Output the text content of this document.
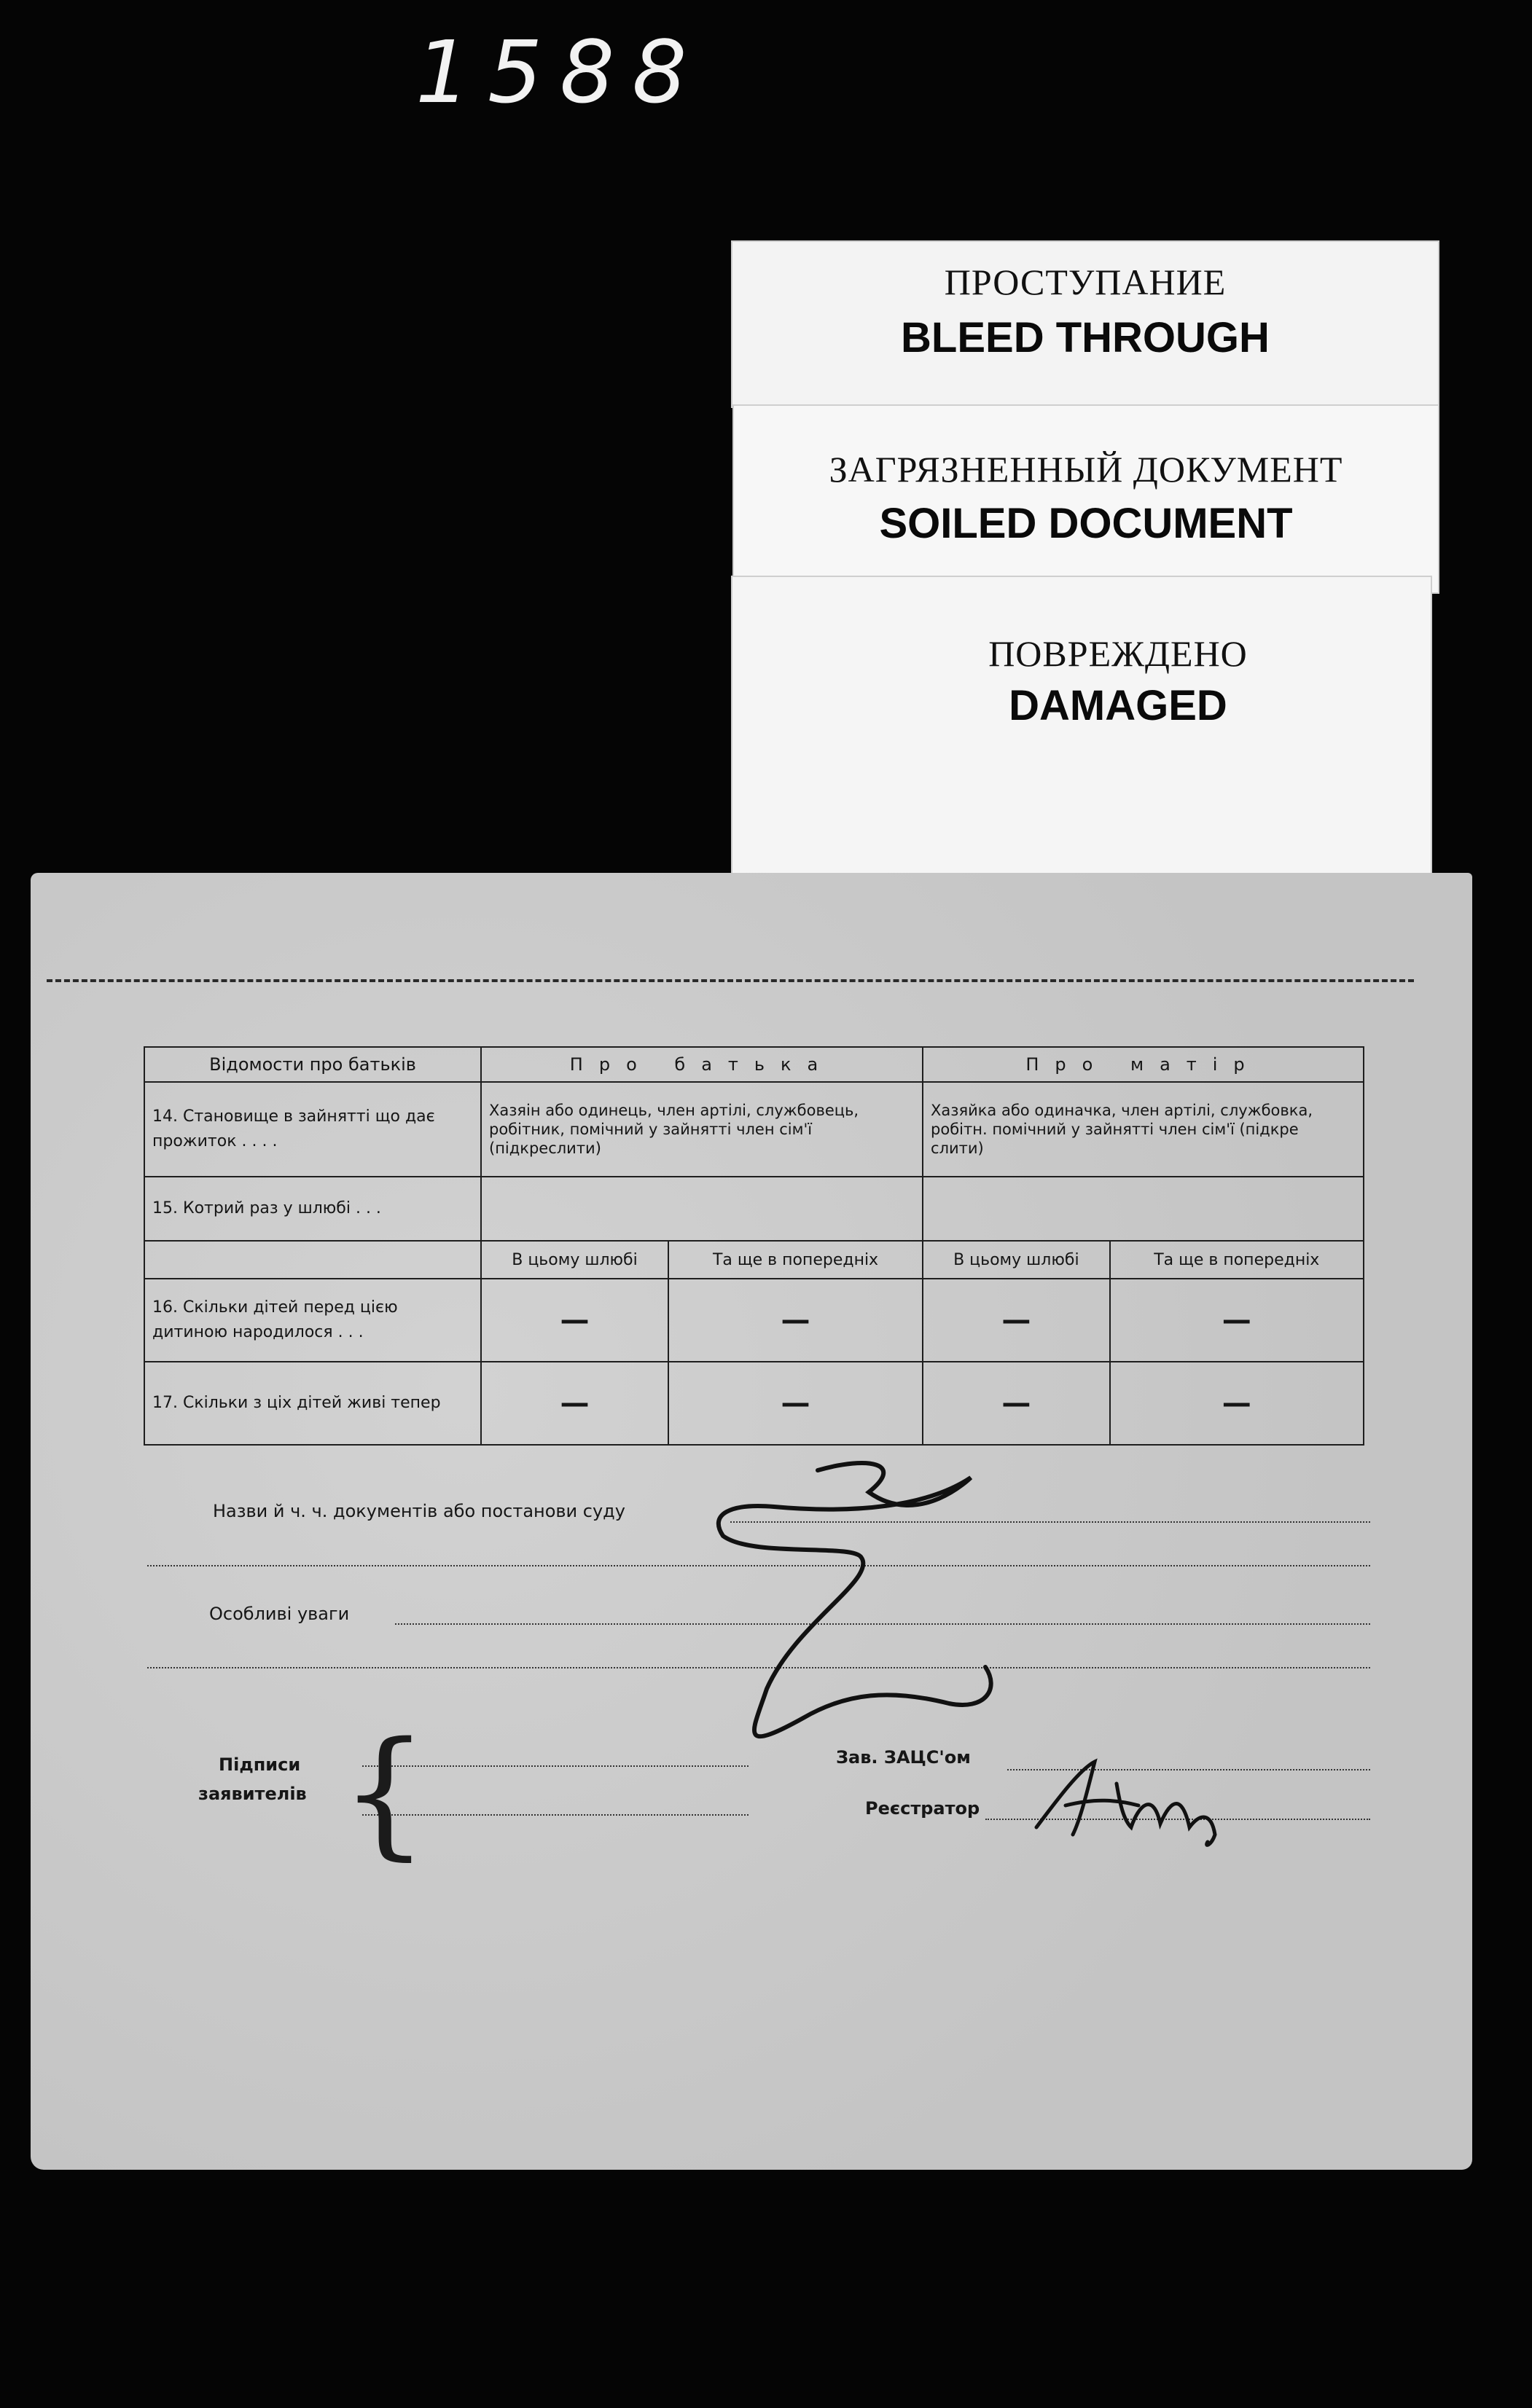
1588
ПРОСТУПАНИЕ
BLEED THROUGH
ЗАГРЯЗНЕННЫЙ ДОКУМЕНТ
SOILED DOCUMENT
ПОВРЕЖДЕНО
DAMAGED
Відомости про батьків	Про батька		Про матір	
14. Становище в зайнятті що дає прожиток . . . .	Хазяін або одинець, член артілі, службовець, робітник, помічний у зайнятті член сім'ї (підкреслити)		Хазяйка або одиначка, член артілі, службовка, робітн. помічний у зайнятті член сім'ї (підкре слити)	
15. Котрий раз у шлюбі . . .				
	В цьому шлюбі	Та ще в попередніх	В цьому шлюбі	Та ще в попередніх
16. Скільки дітей перед цією дитиною народилося . . .	—	—	—	—
17. Скільки з ціх дітей живі тепер	—	—	—	—
Назви й ч. ч. документів або постанови суду
Особливі уваги
Підписи
заявителів
Зав. ЗАЦС'ом
Реєстратор
{
